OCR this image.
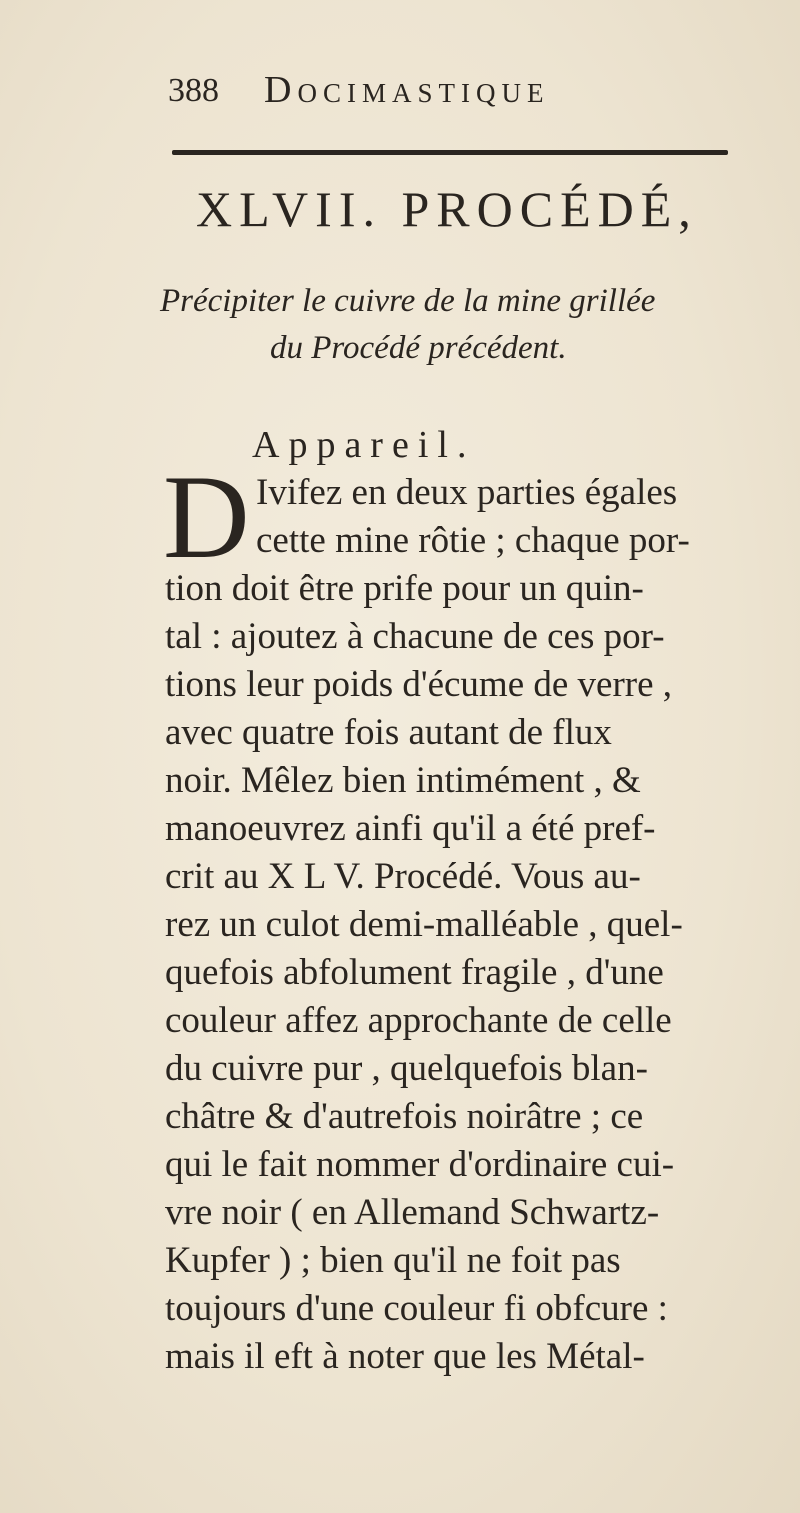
388 Docimastique
XLVII. PROCÉDÉ,
Précipiter le cuivre de la mine grillée
du Procédé précédent.
Appareil.
D Ivifez en deux parties égales
cette mine rôtie ; chaque por-
tion doit être prife pour un quin-
tal : ajoutez à chacune de ces por-
tions leur poids d'écume de verre ,
avec quatre fois autant de flux
noir. Mêlez bien intimément , &
manoeuvrez ainfi qu'il a été pref-
crit au X L V. Procédé. Vous au-
rez un culot demi-malléable , quel-
quefois abfolument fragile , d'une
couleur affez approchante de celle
du cuivre pur , quelquefois blan-
châtre & d'autrefois noirâtre ; ce
qui le fait nommer d'ordinaire cui-
vre noir ( en Allemand Schwartz-
Kupfer ) ; bien qu'il ne foit pas
toujours d'une couleur fi obfcure :
mais il eft à noter que les Métal-
